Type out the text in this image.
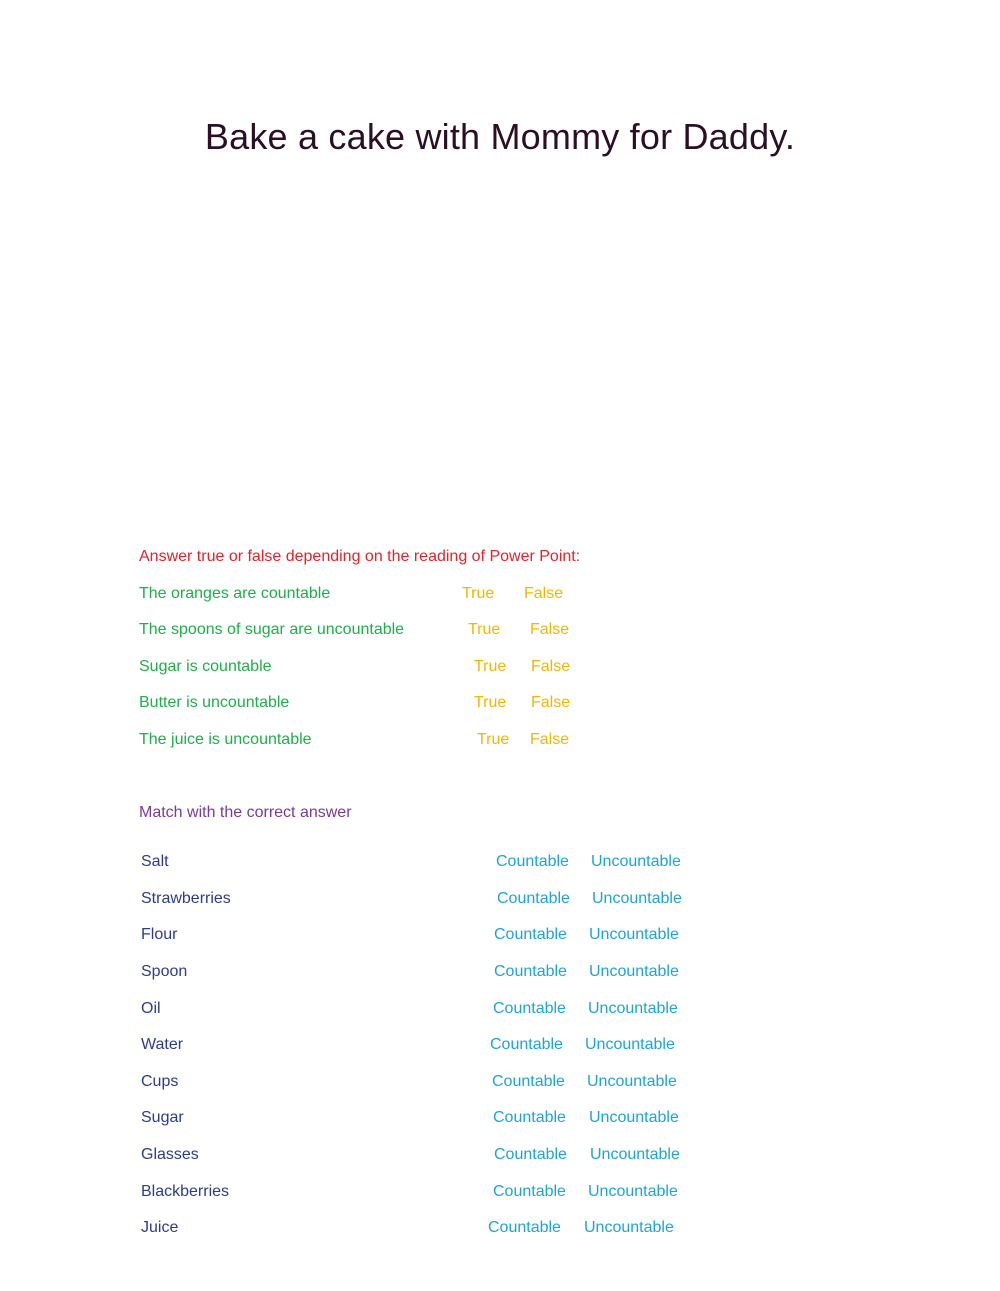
Bake a cake with Mommy for Daddy.
Answer true or false depending on the reading of Power Point:
The oranges are countable	True False
The spoons of sugar are uncountable	True False
Sugar is countable	True False
Butter is uncountable	True False
The juice is uncountable	True False
Match with the correct answer
Salt	Countable Uncountable
Strawberries	Countable Uncountable
Flour	Countable Uncountable
Spoon	Countable Uncountable
Oil	Countable Uncountable
Water	Countable Uncountable
Cups	Countable Uncountable
Sugar	Countable Uncountable
Glasses	Countable Uncountable
Blackberries	Countable Uncountable
Juice	Countable Uncountable
